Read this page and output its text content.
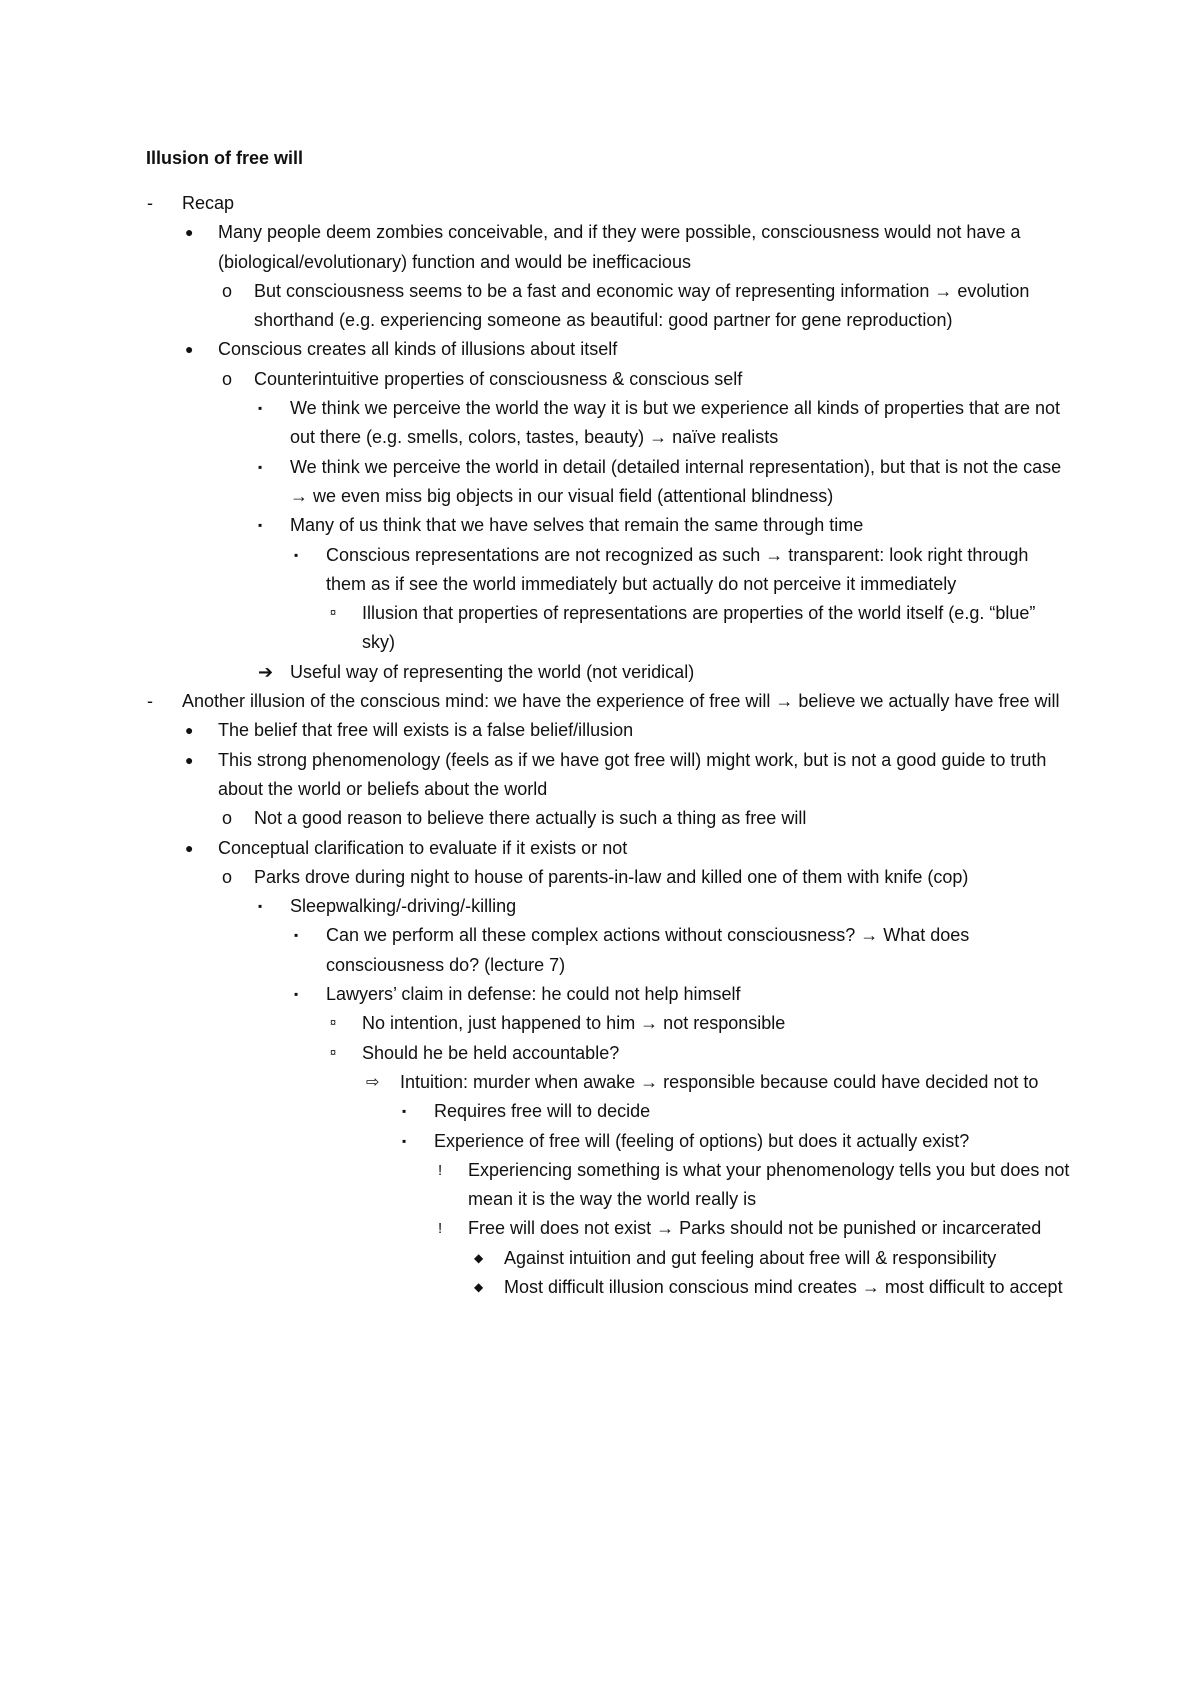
Illusion of free will
-	Recap
●	Many people deem zombies conceivable, and if they were possible, consciousness would not have a (biological/evolutionary) function and would be inefficacious
o	But consciousness seems to be a fast and economic way of representing information → evolution shorthand (e.g. experiencing someone as beautiful: good partner for gene reproduction)
●	Conscious creates all kinds of illusions about itself
o	Counterintuitive properties of consciousness & conscious self
▪	We think we perceive the world the way it is but we experience all kinds of properties that are not out there (e.g. smells, colors, tastes, beauty) → naïve realists
▪	We think we perceive the world in detail (detailed internal representation), but that is not the case → we even miss big objects in our visual field (attentional blindness)
▪	Many of us think that we have selves that remain the same through time
▪	Conscious representations are not recognized as such → transparent: look right through them as if see the world immediately but actually do not perceive it immediately
¤	Illusion that properties of representations are properties of the world itself (e.g. “blue” sky)
➔ Useful way of representing the world (not veridical)
-	Another illusion of the conscious mind: we have the experience of free will → believe we actually have free will
●	The belief that free will exists is a false belief/illusion
●	This strong phenomenology (feels as if we have got free will) might work, but is not a good guide to truth about the world or beliefs about the world
o	Not a good reason to believe there actually is such a thing as free will
●	Conceptual clarification to evaluate if it exists or not
o	Parks drove during night to house of parents-in-law and killed one of them with knife (cop)
▪	Sleepwalking/-driving/-killing
▪	Can we perform all these complex actions without consciousness? → What does consciousness do? (lecture 7)
▪	Lawyers’ claim in defense: he could not help himself
¤	No intention, just happened to him → not responsible
¤	Should he be held accountable?
⇨	Intuition: murder when awake → responsible because could have decided not to
▪	Requires free will to decide
▪	Experience of free will (feeling of options) but does it actually exist?
!	Experiencing something is what your phenomenology tells you but does not mean it is the way the world really is
!	Free will does not exist → Parks should not be punished or incarcerated
◆	Against intuition and gut feeling about free will & responsibility
◆	Most difficult illusion conscious mind creates → most difficult to accept
